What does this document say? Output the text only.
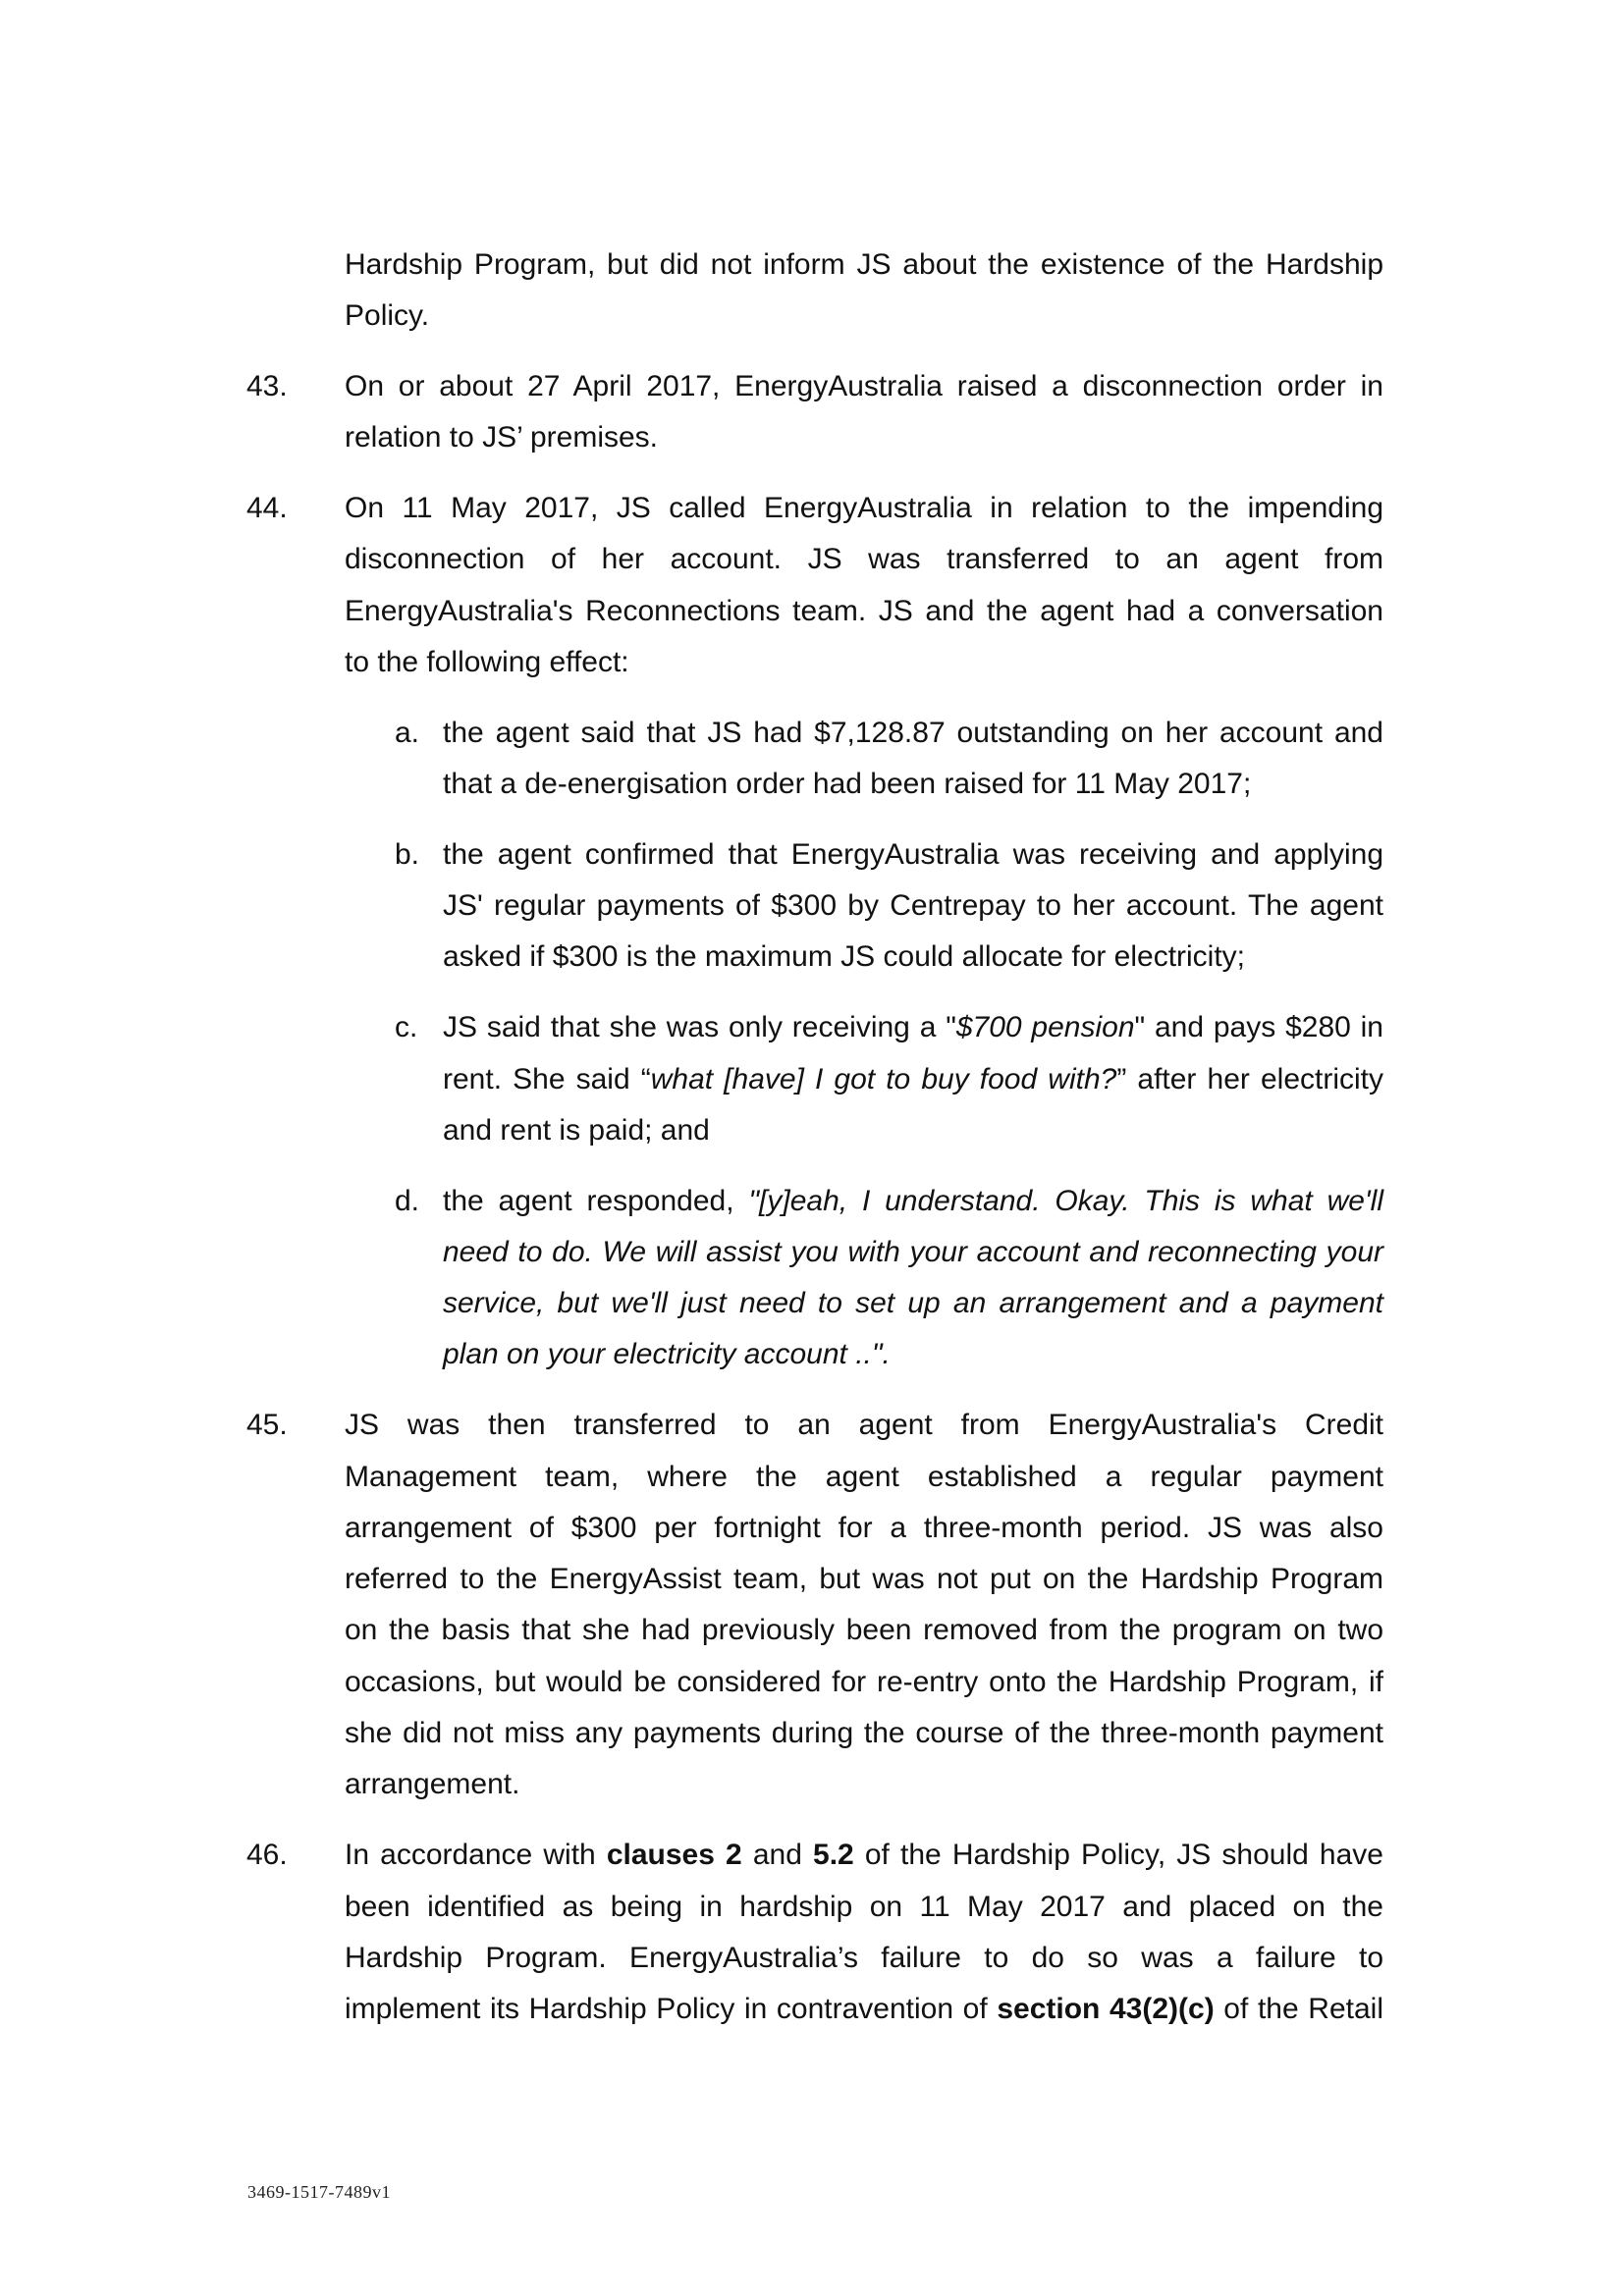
Hardship Program, but did not inform JS about the existence of the Hardship

Policy.

43. On or about 27 April 2017, EnergyAustralia raised a disconnection order in

relation to JS’ premises.

44. On 11 May 2017, JS called EnergyAustralia in relation to the impending

disconnection of her account. JS was transferred to an agent from

EnergyAustralia's Reconnections team. JS and the agent had a conversation

to the following effect:

a. the agent said that JS had $7,128.87 outstanding on her account and

that a de-energisation order had been raised for 11 May 2017;

b. the agent confirmed that EnergyAustralia was receiving and applying

JS' regular payments of $300 by Centrepay to her account. The agent

asked if $300 is the maximum JS could allocate for electricity;

c. JS said that she was only receiving a "$700 pension" and pays $280 in

rent. She said “what [have] I got to buy food with?” after her electricity

and rent is paid; and

d. the agent responded, "[y]eah, I understand. Okay. This is what we'll

need to do. We will assist you with your account and reconnecting your

service, but we'll just need to set up an arrangement and a payment

plan on your electricity account ..".

45. JS was then transferred to an agent from EnergyAustralia's Credit

Management team, where the agent established a regular payment

arrangement of $300 per fortnight for a three-month period. JS was also

referred to the EnergyAssist team, but was not put on the Hardship Program

on the basis that she had previously been removed from the program on two

occasions, but would be considered for re-entry onto the Hardship Program, if

she did not miss any payments during the course of the three-month payment

arrangement.

46. In accordance with clauses 2 and 5.2 of the Hardship Policy, JS should have

been identified as being in hardship on 11 May 2017 and placed on the

Hardship Program. EnergyAustralia’s failure to do so was a failure to

implement its Hardship Policy in contravention of section 43(2)(c) of the Retail

3469-1517-7489v1
